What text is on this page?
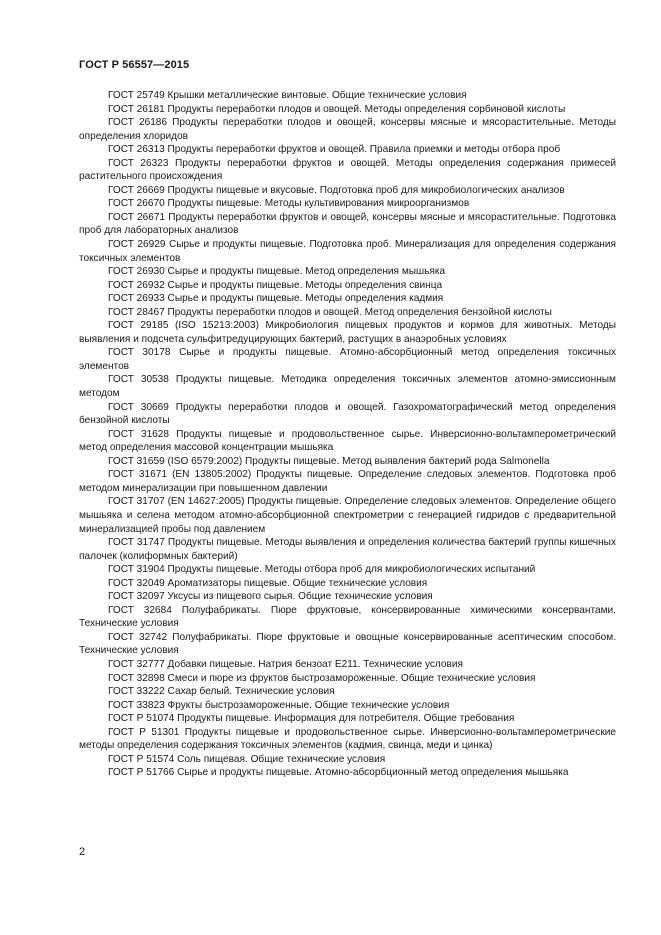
ГОСТ Р 56557—2015

ГОСТ 25749 Крышки металлические винтовые. Общие технические условия

ГОСТ 26181 Продукты переработки плодов и овощей. Методы определения сорбиновой кислоты

ГОСТ 26186 Продукты переработки плодов и овощей, консервы мясные и мясорастительные. Методы определения хлоридов

ГОСТ 26313 Продукты переработки фруктов и овощей. Правила приемки и методы отбора проб

ГОСТ 26323 Продукты переработки фруктов и овощей. Методы определения содержания примесей растительного происхождения

ГОСТ 26669 Продукты пищевые и вкусовые. Подготовка проб для микробиологических анализов

ГОСТ 26670 Продукты пищевые. Методы культивирования микроорганизмов

ГОСТ 26671 Продукты переработки фруктов и овощей, консервы мясные и мясорастительные. Подготовка проб для лабораторных анализов

ГОСТ 26929 Сырье и продукты пищевые. Подготовка проб. Минерализация для определения содержания токсичных элементов

ГОСТ 26930 Сырье и продукты пищевые. Метод определения мышьяка

ГОСТ 26932 Сырье и продукты пищевые. Методы определения свинца

ГОСТ 26933 Сырье и продукты пищевые. Методы определения кадмия

ГОСТ 28467 Продукты переработки плодов и овощей. Метод определения бензойной кислоты

ГОСТ 29185 (ISO 15213:2003) Микробиология пищевых продуктов и кормов для животных. Методы выявления и подсчета сульфитредуцирующих бактерий, растущих в анаэробных условиях

ГОСТ 30178 Сырье и продукты пищевые. Атомно-абсорбционный метод определения токсичных элементов

ГОСТ 30538 Продукты пищевые. Методика определения токсичных элементов атомно-эмиссионным методом

ГОСТ 30669 Продукты переработки плодов и овощей. Газохроматографический метод определения бензойной кислоты

ГОСТ 31628 Продукты пищевые и продовольственное сырье. Инверсионно-вольтамперометрический метод определения массовой концентрации мышьяка

ГОСТ 31659 (ISO 6579:2002) Продукты пищевые. Метод выявления бактерий рода Salmonella

ГОСТ 31671 (EN 13805:2002) Продукты пищевые. Определение следовых элементов. Подготовка проб методом минерализации при повышенном давлении

ГОСТ 31707 (EN 14627:2005) Продукты пищевые. Определение следовых элементов. Определение общего мышьяка и селена методом атомно-абсорбционной спектрометрии с генерацией гидридов с предварительной минерализацией пробы под давлением

ГОСТ 31747 Продукты пищевые. Методы выявления и определения количества бактерий группы кишечных палочек (колиформных бактерий)

ГОСТ 31904 Продукты пищевые. Методы отбора проб для микробиологических испытаний

ГОСТ 32049 Ароматизаторы пищевые. Общие технические условия

ГОСТ 32097 Уксусы из пищевого сырья. Общие технические условия

ГОСТ 32684 Полуфабрикаты. Пюре фруктовые, консервированные химическими консервантами. Технические условия

ГОСТ 32742 Полуфабрикаты. Пюре фруктовые и овощные консервированные асептическим способом. Технические условия

ГОСТ 32777 Добавки пищевые. Натрия бензоат Е211. Технические условия

ГОСТ 32898 Смеси и пюре из фруктов быстрозамороженные. Общие технические условия

ГОСТ 33222 Сахар белый. Технические условия

ГОСТ 33823 Фрукты быстрозамороженные. Общие технические условия

ГОСТ Р 51074 Продукты пищевые. Информация для потребителя. Общие требования

ГОСТ Р 51301 Продукты пищевые и продовольственное сырье. Инверсионно-вольтамперометрические методы определения содержания токсичных элементов (кадмия, свинца, меди и цинка)

ГОСТ Р 51574 Соль пищевая. Общие технические условия

ГОСТ Р 51766 Сырье и продукты пищевые. Атомно-абсорбционный метод определения мышьяка

2
